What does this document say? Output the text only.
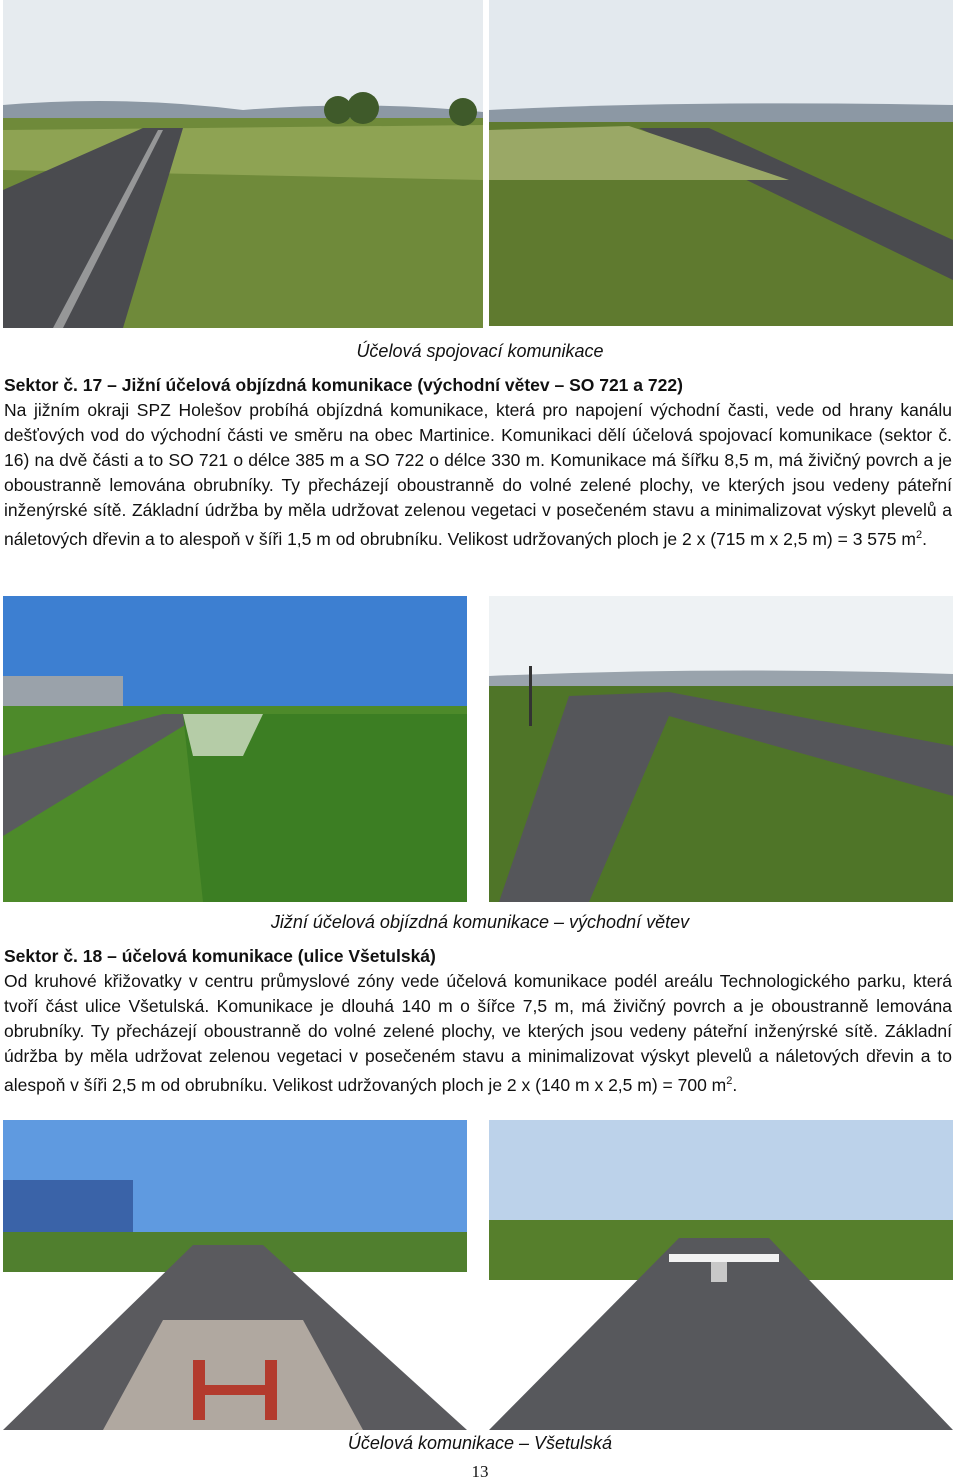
Účelová spojovací komunikace
Sektor č. 17 – Jižní účelová objízdná komunikace (východní větev – SO 721 a 722)
Na jižním okraji SPZ Holešov probíhá objízdná komunikace, která pro napojení východní časti, vede od hrany kanálu dešťových vod do východní části ve směru na obec Martinice. Komunikaci dělí účelová spojovací komunikace (sektor č. 16) na dvě části a to SO 721 o délce 385 m a SO 722 o délce 330 m. Komunikace má šířku 8,5 m, má živičný povrch a je oboustranně lemována obrubníky. Ty přecházejí oboustranně do volné zelené plochy, ve kterých jsou vedeny páteřní inženýrské sítě. Základní údržba by měla udržovat zelenou vegetaci v posečeném stavu a minimalizovat výskyt plevelů a náletových dřevin a to alespoň v šíři 1,5 m od obrubníku. Velikost udržovaných ploch je 2 x (715 m x 2,5 m) = 3 575 $m^2$.
Jižní účelová objízdná komunikace – východní větev
Sektor č. 18 – účelová komunikace (ulice Všetulská)
Od kruhové křižovatky v centru průmyslové zóny vede účelová komunikace podél areálu Technologického parku, která tvoří část ulice Všetulská. Komunikace je dlouhá 140 m o šířce 7,5 m, má živičný povrch a je oboustranně lemována obrubníky. Ty přecházejí oboustranně do volné zelené plochy, ve kterých jsou vedeny páteřní inženýrské sítě. Základní údržba by měla udržovat zelenou vegetaci v posečeném stavu a minimalizovat výskyt plevelů a náletových dřevin a to alespoň v šíři 2,5 m od obrubníku. Velikost udržovaných ploch je 2 x (140 m x 2,5 m) = 700 $m^2$.
Účelová komunikace – Všetulská
13
